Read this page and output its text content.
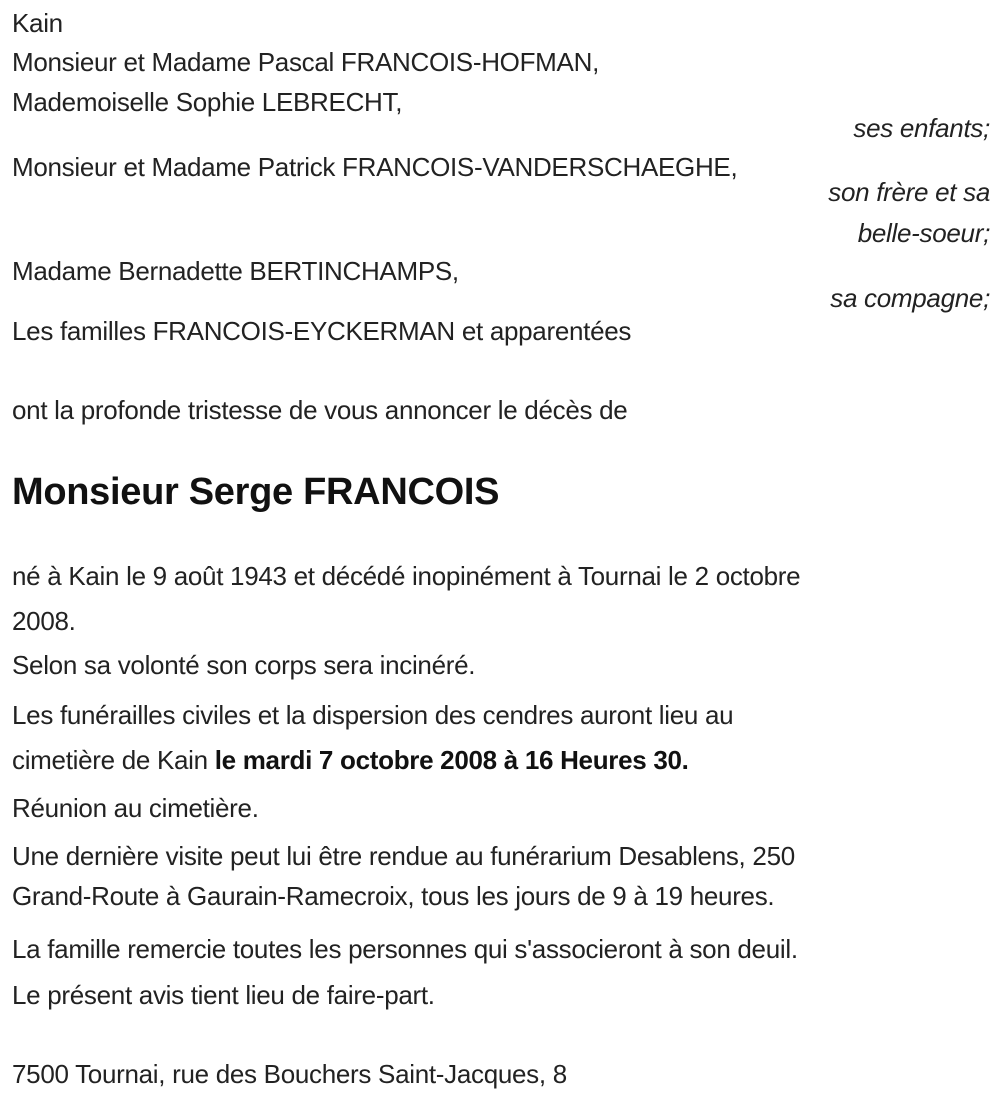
Kain
Monsieur et Madame Pascal FRANCOIS-HOFMAN,
Mademoiselle Sophie LEBRECHT,
ses enfants;
Monsieur et Madame Patrick FRANCOIS-VANDERSCHAEGHE,
son frère et sa
belle-soeur;
Madame Bernadette BERTINCHAMPS,
sa compagne;
Les familles FRANCOIS-EYCKERMAN et apparentées
ont la profonde tristesse de vous annoncer le décès de
Monsieur Serge FRANCOIS
né à Kain le 9 août 1943 et décédé inopinément à Tournai le 2 octobre
2008.
Selon sa volonté son corps sera incinéré.
Les funérailles civiles et la dispersion des cendres auront lieu au
cimetière de Kain le mardi 7 octobre 2008 à 16 Heures 30.
Réunion au cimetière.
Une dernière visite peut lui être rendue au funérarium Desablens, 250
Grand-Route à Gaurain-Ramecroix, tous les jours de 9 à 19 heures.
La famille remercie toutes les personnes qui s'associeront à son deuil.
Le présent avis tient lieu de faire-part.
7500 Tournai, rue des Bouchers Saint-Jacques, 8
